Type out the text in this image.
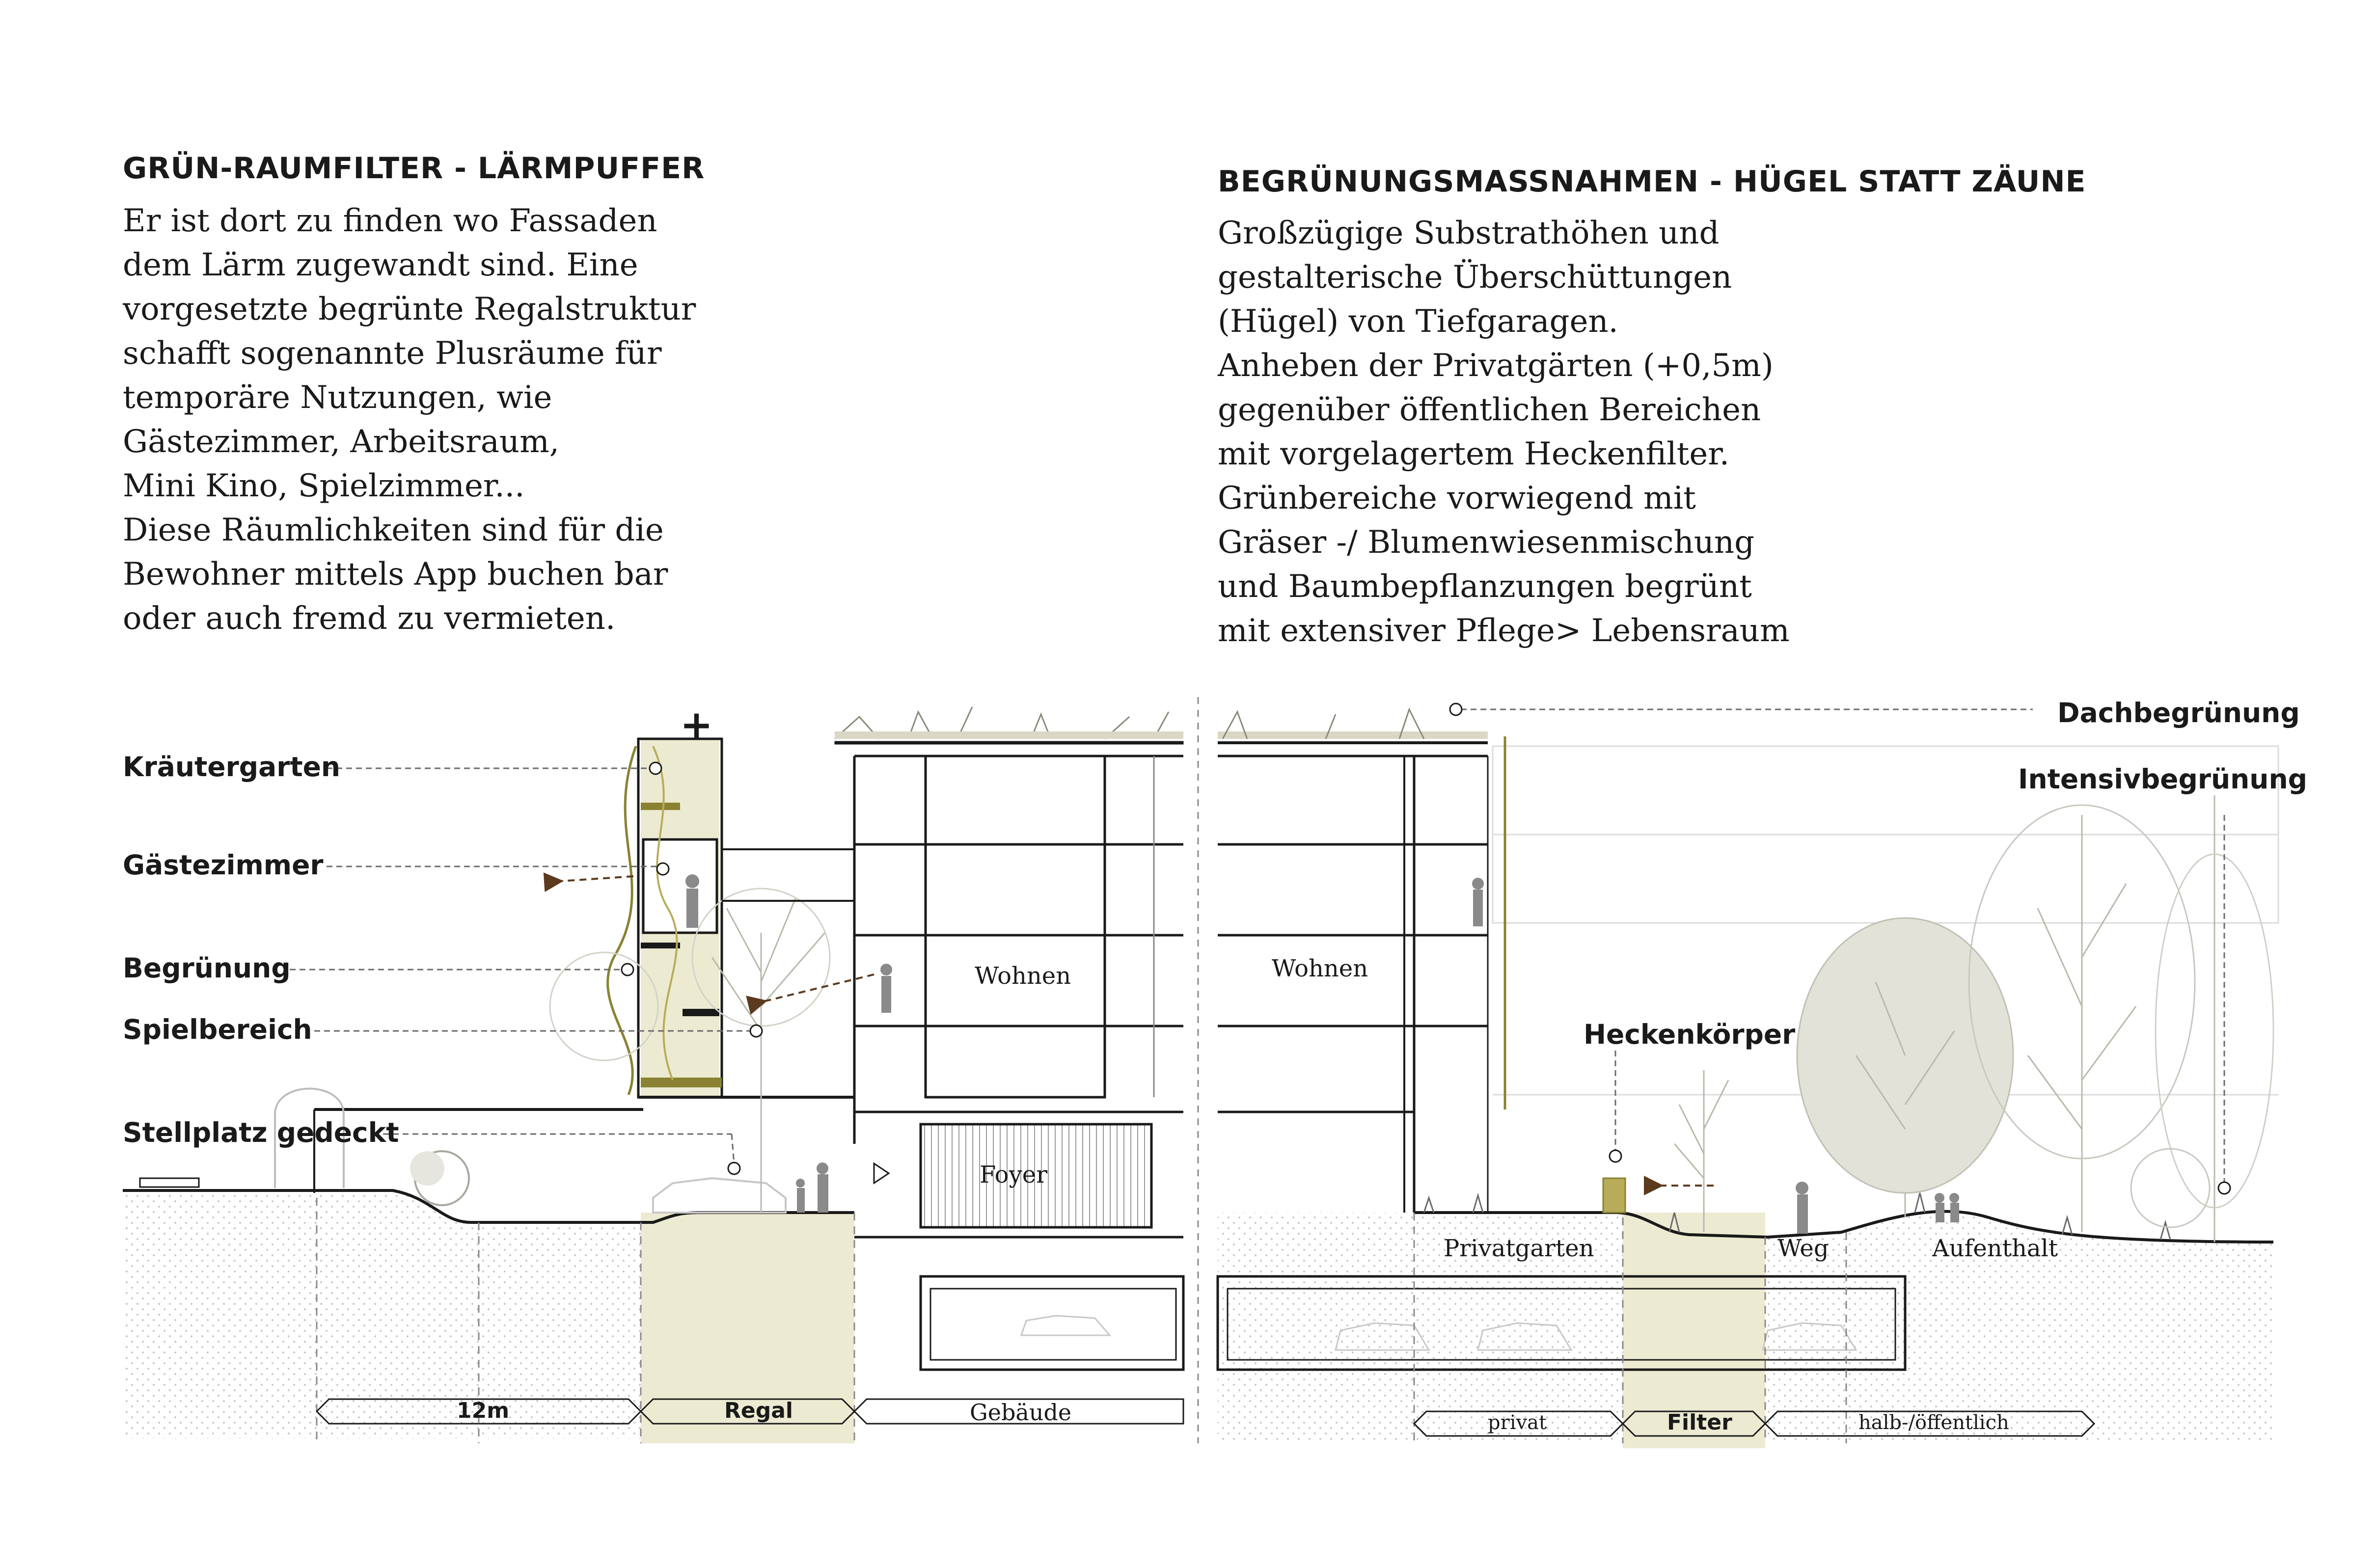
GRÜN-RAUMFILTER - LÄRMPUFFER
Er ist dort zu finden wo Fassaden
dem Lärm zugewandt sind. Eine
vorgesetzte begrünte Regalstruktur
schafft sogenannte Plusräume für
temporäre Nutzungen, wie
Gästezimmer, Arbeitsraum,
Mini Kino, Spielzimmer...
Diese Räumlichkeiten sind für die
Bewohner mittels App buchen bar
oder auch fremd zu vermieten.
BEGRÜNUNGSMASSNAHMEN - HÜGEL STATT ZÄUNE
Großzügige Substrathöhen und
gestalterische Überschüttungen
(Hügel) von Tiefgaragen.
Anheben der Privatgärten (+0,5m)
gegenüber öffentlichen Bereichen
mit vorgelagertem Heckenfilter.
Grünbereiche vorwiegend mit
Gräser -/ Blumenwiesenmischung
und Baumbepflanzungen begrünt
mit extensiver Pflege> Lebensraum
Kräutergarten
Gästezimmer
Begrünung
Spielbereich
Stellplatz gedeckt
+
Wohnen
Foyer
12m	Regal	Gebäude
Dachbegrünung
Intensivbegrünung
Heckenkörper
Wohnen
Privatgarten	Weg	Aufenthalt
privat	Filter	halb-/öffentlich
